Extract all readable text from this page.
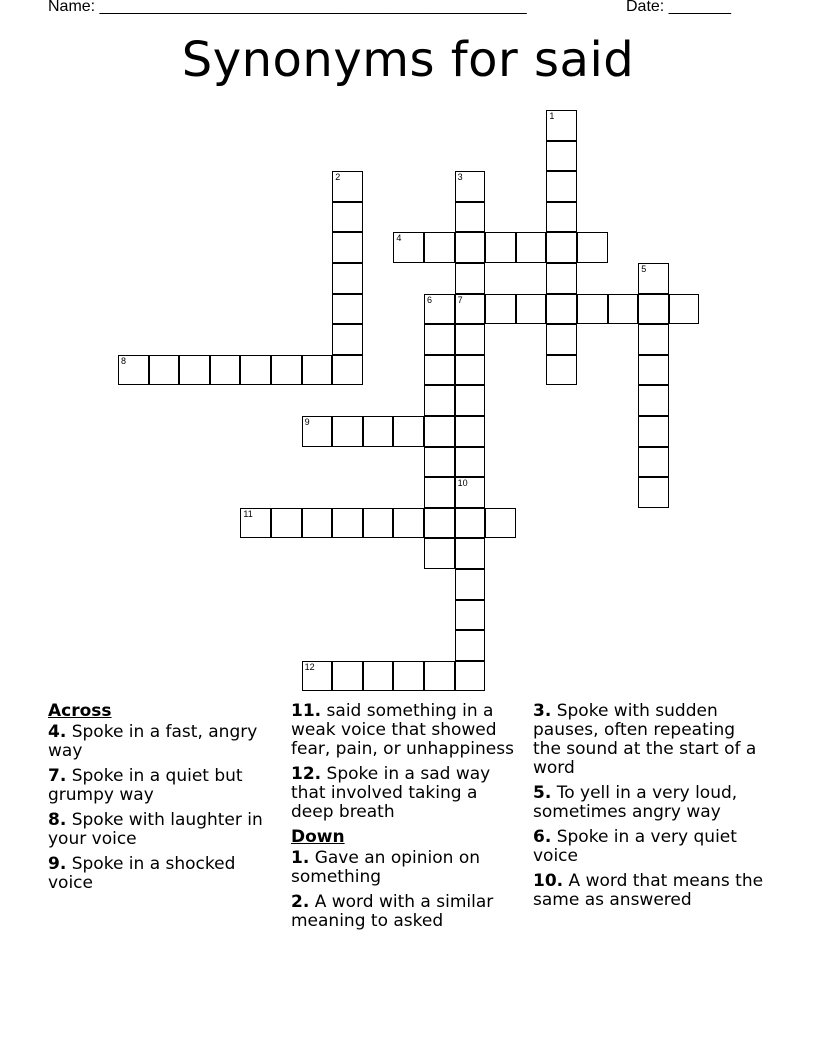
Name: ________________________________________________	Date: _______
Synonyms for said
1
2	3
7
4
5
6
8
9
10
11
12
Across
4. Spoke in a fast, angry way
7. Spoke in a quiet but grumpy way
8. Spoke with laughter in your voice
9. Spoke in a shocked voice
11. said something in a weak voice that showed fear, pain, or unhappiness
12. Spoke in a sad way that involved taking a deep breath
Down
1. Gave an opinion on something
2. A word with a similar meaning to asked
3. Spoke with sudden pauses, often repeating the sound at the start of a word
5. To yell in a very loud, sometimes angry way
6. Spoke in a very quiet voice
10. A word that means the same as answered
